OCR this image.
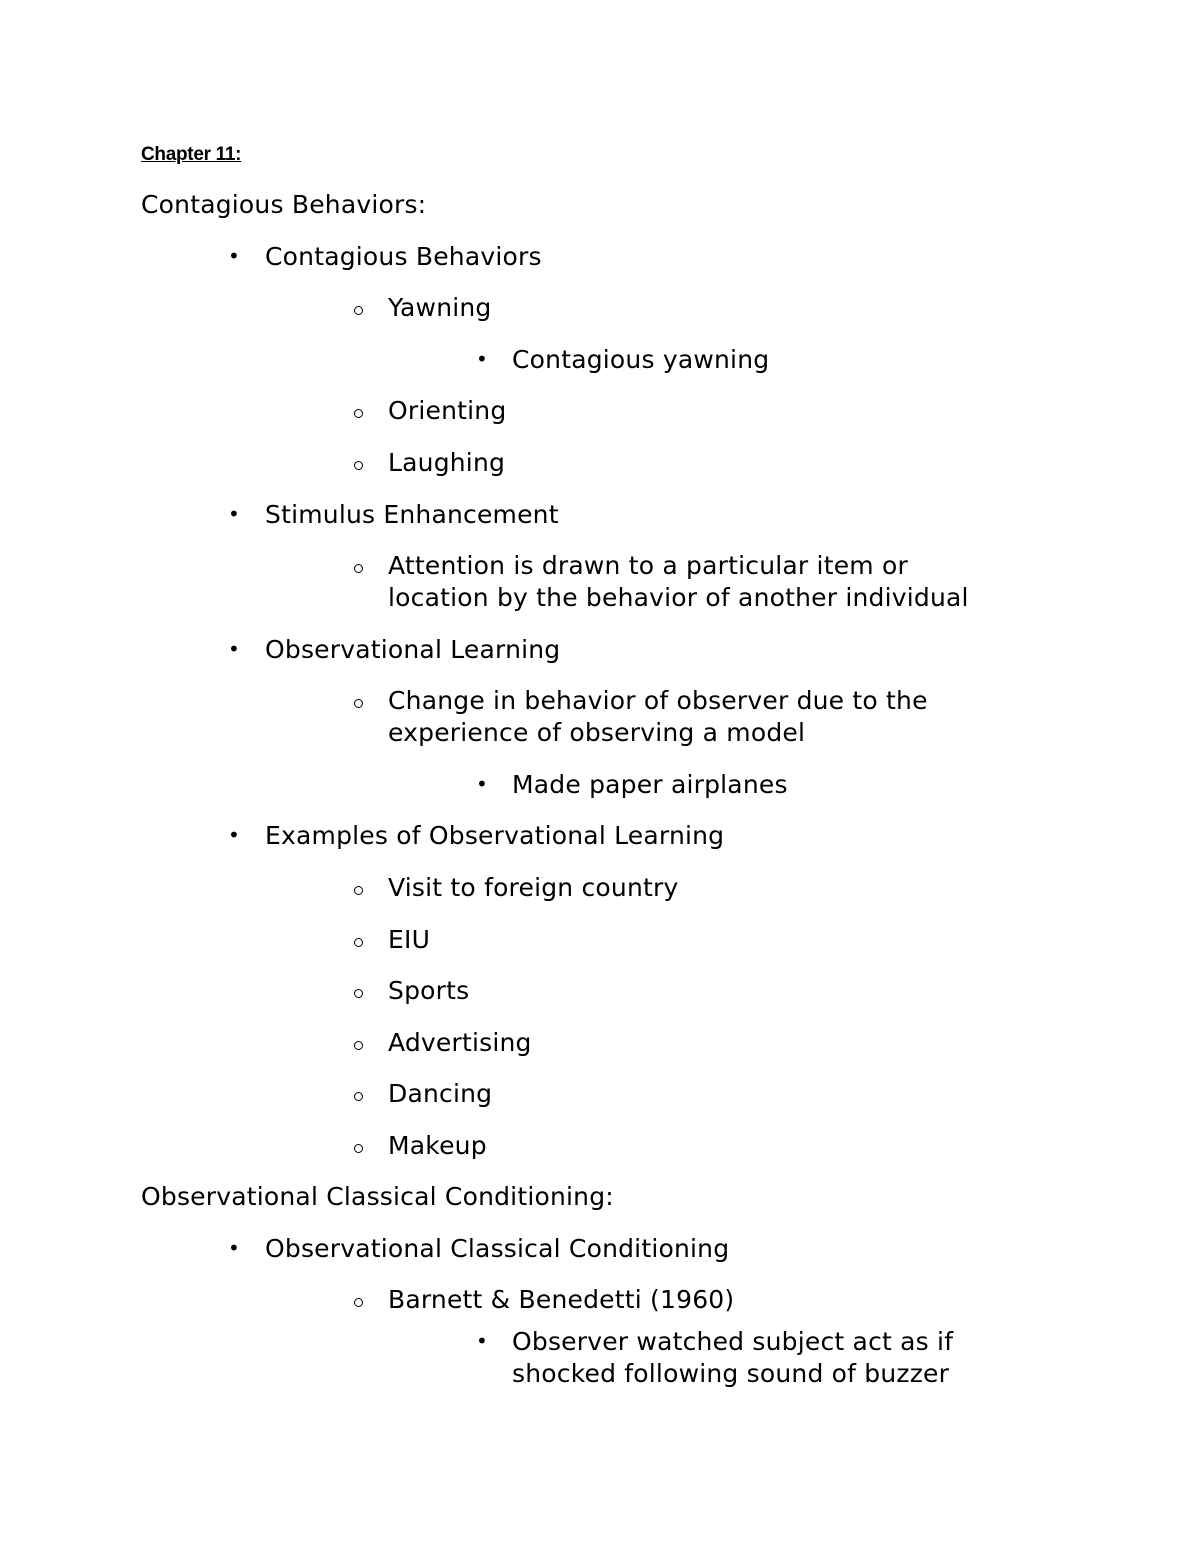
Chapter 11:
Contagious Behaviors:
• Contagious Behaviors
Yawning
• Contagious yawning
Orienting
Laughing
• Stimulus Enhancement
Attention is drawn to a particular item or
location by the behavior of another individual
• Observational Learning
Change in behavior of observer due to the
experience of observing a model
• Made paper airplanes
• Examples of Observational Learning
Visit to foreign country
EIU
Sports
Advertising
Dancing
Makeup
Observational Classical Conditioning:
• Observational Classical Conditioning
Barnett & Benedetti (1960)
• Observer watched subject act as if
shocked following sound of buzzer
